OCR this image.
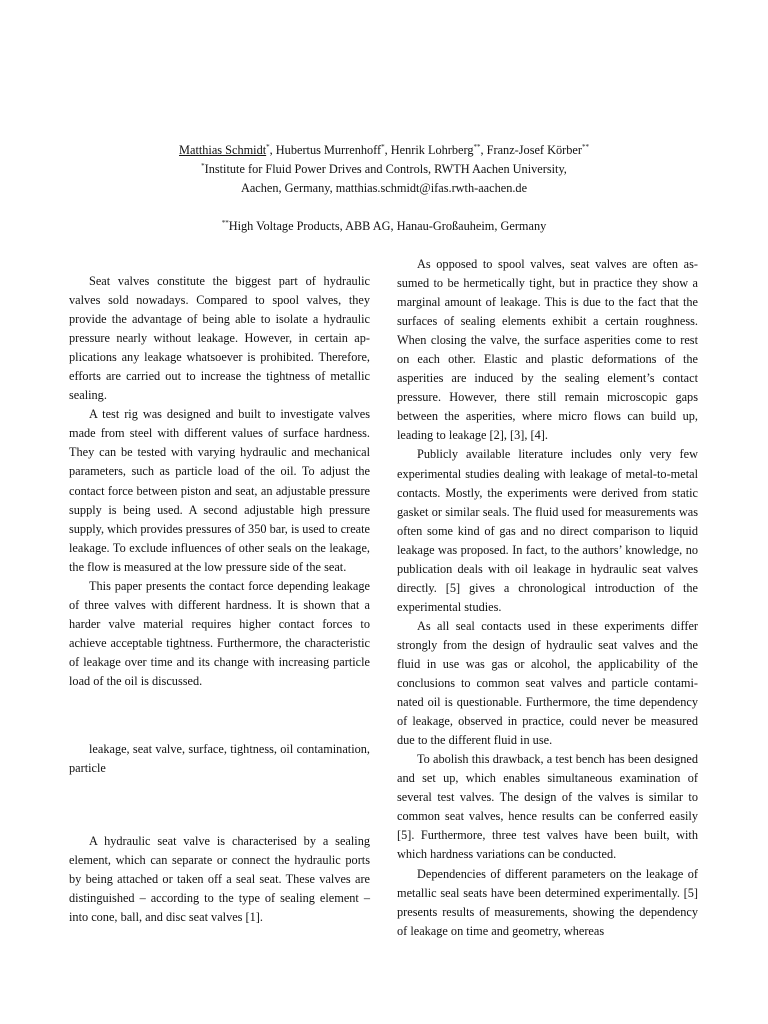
Matthias Schmidt*, Hubertus Murrenhoff*, Henrik Lohrberg**, Franz-Josef Körber**
*Institute for Fluid Power Drives and Controls, RWTH Aachen University,
Aachen, Germany, matthias.schmidt@ifas.rwth-aachen.de
**High Voltage Products, ABB AG, Hanau-Großauheim, Germany

Seat valves constitute the biggest part of hydraulic valves sold nowadays. Compared to spool valves, they provide the advantage of being able to isolate a hydraulic pressure nearly without leakage. However, in certain applications any leakage whatsoever is prohibited. Therefore, efforts are carried out to increase the tightness of metallic sealing.

A test rig was designed and built to investigate valves made from steel with different values of surface hardness. They can be tested with varying hydraulic and mechanical parameters, such as particle load of the oil. To adjust the contact force between piston and seat, an adjustable pressure supply is being used. A second adjustable high pressure supply, which provides pressures of 350 bar, is used to create leakage. To exclude influences of other seals on the leakage, the flow is measured at the low pressure side of the seat.

This paper presents the contact force depending leakage of three valves with different hardness. It is shown that a harder valve material requires higher contact forces to achieve acceptable tightness. Furthermore, the characteristic of leakage over time and its change with increasing particle load of the oil is discussed.

leakage, seat valve, surface, tightness, oil contamination, particle

A hydraulic seat valve is characterised by a sealing element, which can separate or connect the hydraulic ports by being attached or taken off a seal seat. These valves are distinguished – according to the type of sealing element – into cone, ball, and disc seat valves [1].

As opposed to spool valves, seat valves are often assumed to be hermetically tight, but in practice they show a marginal amount of leakage. This is due to the fact that the surfaces of sealing elements exhibit a certain roughness. When closing the valve, the surface asperities come to rest on each other. Elastic and plastic deformations of the asperities are induced by the sealing element’s contact pressure. However, there still remain microscopic gaps between the asperities, where micro flows can build up, leading to leakage [2], [3], [4].

Publicly available literature includes only very few experimental studies dealing with leakage of metal-to-metal contacts. Mostly, the experiments were derived from static gasket or similar seals. The fluid used for measurements was often some kind of gas and no direct comparison to liquid leakage was proposed. In fact, to the authors’ knowledge, no publication deals with oil leakage in hydraulic seat valves directly. [5] gives a chronological introduction of the experimental studies.

As all seal contacts used in these experiments differ strongly from the design of hydraulic seat valves and the fluid in use was gas or alcohol, the applicability of the conclusions to common seat valves and particle contaminated oil is questionable. Furthermore, the time dependency of leakage, observed in practice, could never be measured due to the different fluid in use.

To abolish this drawback, a test bench has been designed and set up, which enables simultaneous examination of several test valves. The design of the valves is similar to common seat valves, hence results can be conferred easily [5]. Furthermore, three test valves have been built, with which hardness variations can be conducted.

Dependencies of different parameters on the leakage of metallic seal seats have been determined experimentally. [5] presents results of measurements, showing the dependency of leakage on time and geometry, whereas
